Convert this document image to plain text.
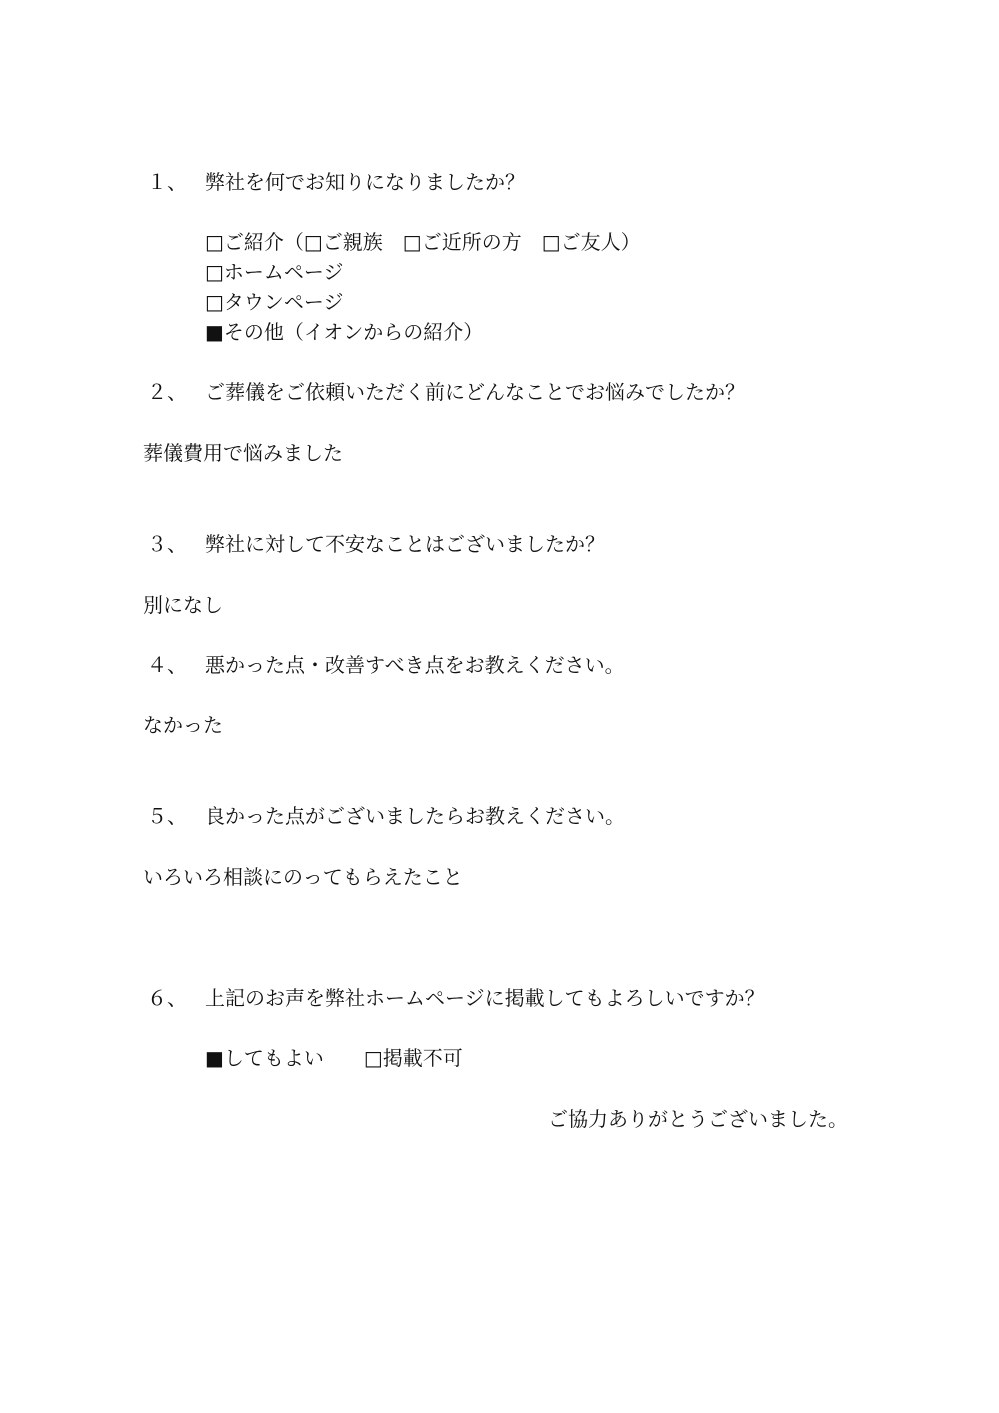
１、 弊社を何でお知りになりましたか？
□ご紹介（□ご親族　□ご近所の方　□ご友人）
□ホームページ
□タウンページ
■その他（イオンからの紹介）
２、 ご葬儀をご依頼いただく前にどんなことでお悩みでしたか？
葬儀費用で悩みました
３、 弊社に対して不安なことはございましたか？
別になし
４、 悪かった点・改善すべき点をお教えください。
なかった
５、 良かった点がございましたらお教えください。
いろいろ相談にのってもらえたこと
６、 上記のお声を弊社ホームページに掲載してもよろしいですか？
■してもよい　　□掲載不可
ご協力ありがとうございました。
